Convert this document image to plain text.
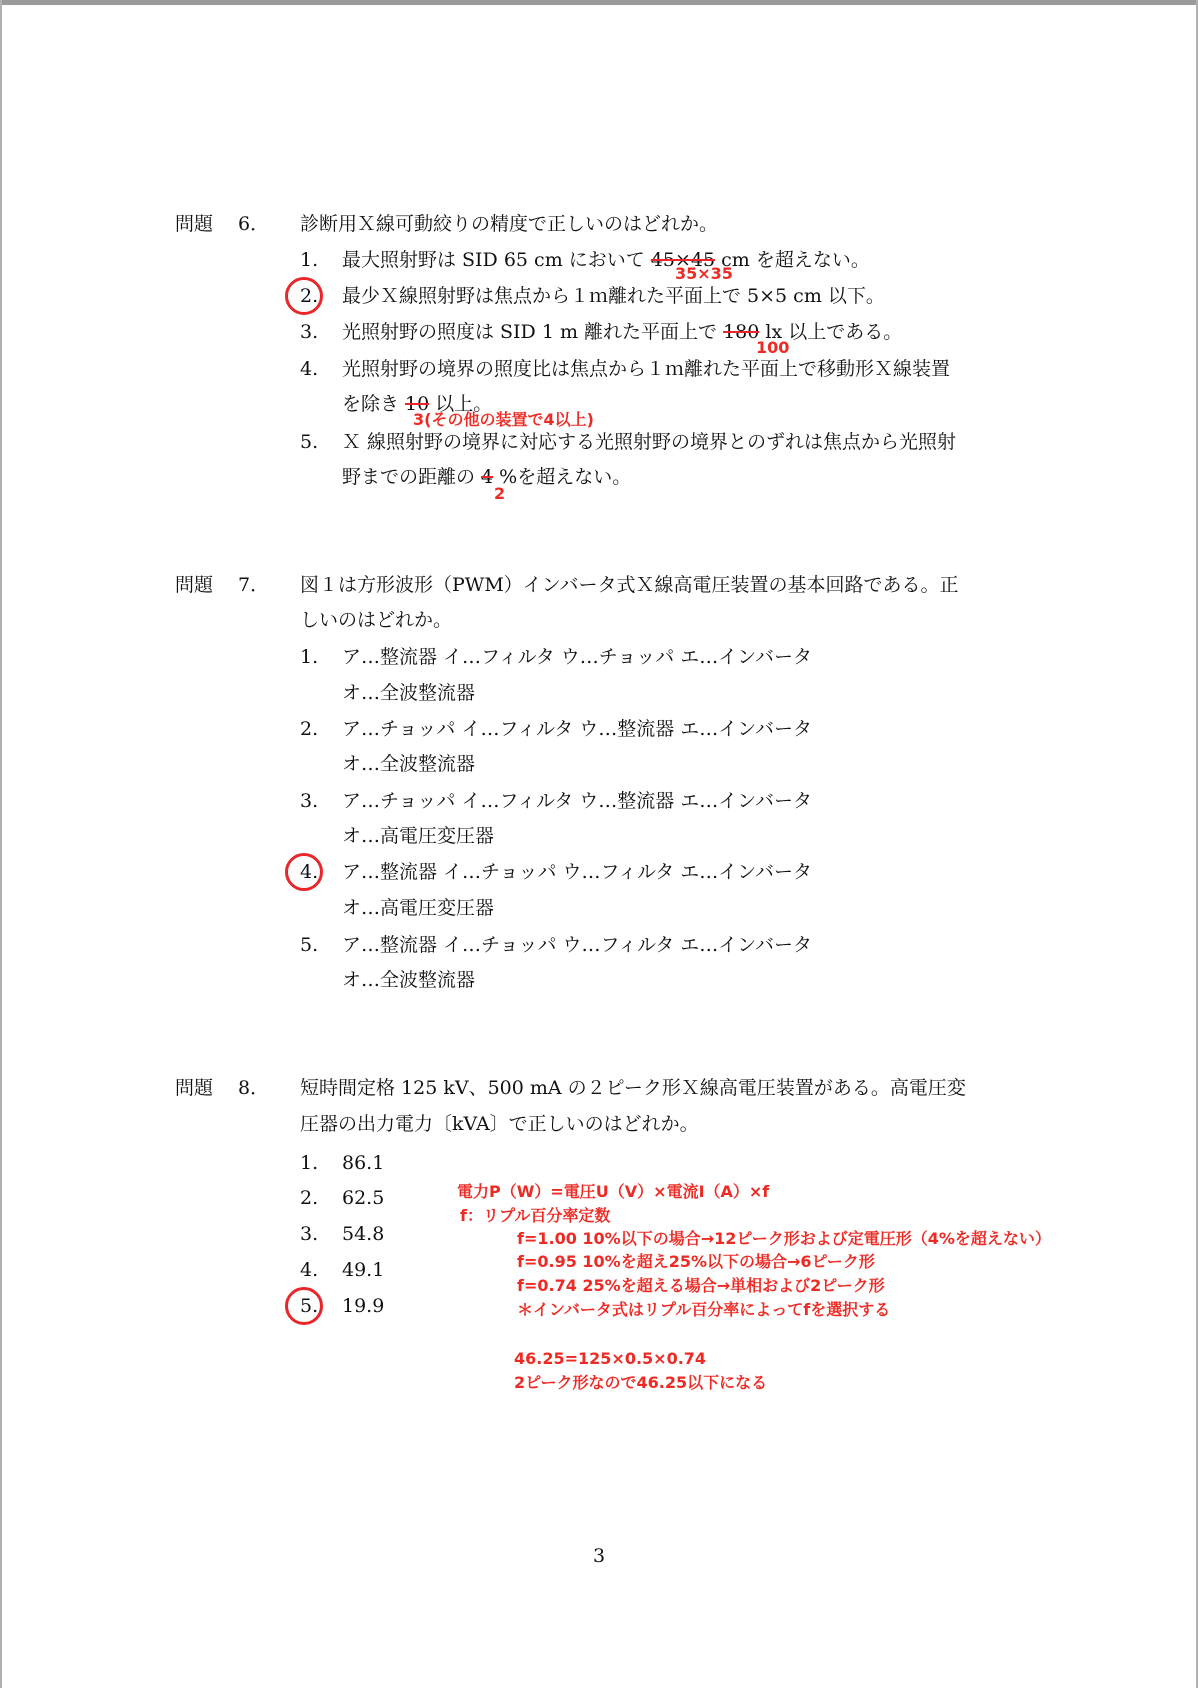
問題 6． 診断用Ｘ線可動絞りの精度で正しいのはどれか。
1. 最大照射野は SID 65 cm において 45×45 cm を超えない。
35×35
2. 最少Ｘ線照射野は焦点から１ｍ離れた平面上で 5×5 cm 以下。
3. 光照射野の照度は SID 1 m 離れた平面上で 180 lx 以上である。
100
4. 光照射野の境界の照度比は焦点から１ｍ離れた平面上で移動形Ｘ線装置
を除き 10 以上。
3(その他の装置で4以上)
5. Ｘ 線照射野の境界に対応する光照射野の境界とのずれは焦点から光照射
野までの距離の 4 %を超えない。
2
問題 7． 図１は方形波形（PWM）インバータ式Ｘ線高電圧装置の基本回路である。正
しいのはどれか。
1. ア…整流器 イ…フィルタ ウ…チョッパ エ…インバータ
オ…全波整流器
2. ア…チョッパ イ…フィルタ ウ…整流器 エ…インバータ
オ…全波整流器
3. ア…チョッパ イ…フィルタ ウ…整流器 エ…インバータ
オ…高電圧変圧器
4. ア…整流器 イ…チョッパ ウ…フィルタ エ…インバータ
オ…高電圧変圧器
5. ア…整流器 イ…チョッパ ウ…フィルタ エ…インバータ
オ…全波整流器
問題 8． 短時間定格 125 kV、500 mA の２ピーク形Ｘ線高電圧装置がある。高電圧変
圧器の出力電力〔kVA〕で正しいのはどれか。
1. 86.1
2. 62.5
3. 54.8
4. 49.1
5. 19.9
電力P（W）=電圧U（V）×電流I（A）×f
f：リプル百分率定数
f=1.00 10%以下の場合→12ピーク形および定電圧形（4%を超えない）
f=0.95 10%を超え25%以下の場合→6ピーク形
f=0.74 25%を超える場合→単相および2ピーク形
＊インバータ式はリプル百分率によってfを選択する
46.25=125×0.5×0.74
2ピーク形なので46.25以下になる
3
